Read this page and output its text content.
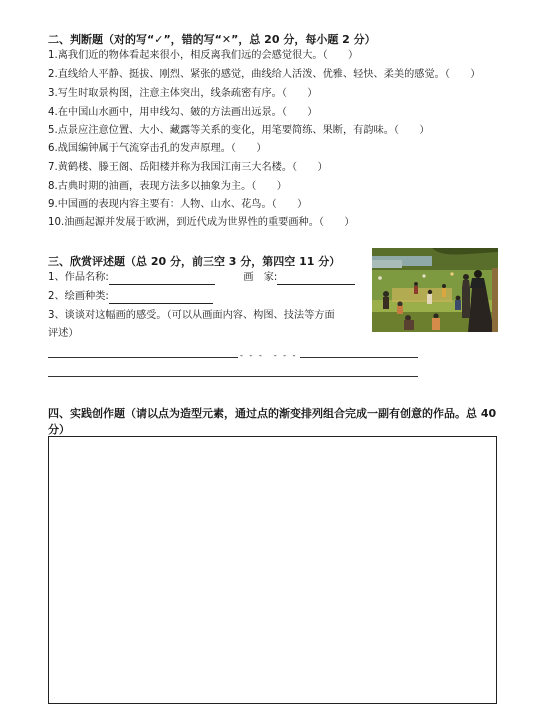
二、判断题（对的写“✓”，错的写“✕”，总 20 分，每小题 2 分）
1.离我们近的物体看起来很小，相反离我们远的会感觉很大。（　　）
2.直线给人平静、挺拔、刚烈、紧张的感觉，曲线给人活泼、优雅、轻快、柔美的感觉。（　　）
3.写生时取景构图，注意主体突出，线条疏密有序。（　　）
4.在中国山水画中，用申线勾、皴的方法画出远景。（　　）
5.点景应注意位置、大小、藏露等关系的变化，用笔要简练、果断，有韵味。（　　）
6.战国编钟属于气流穿击孔的发声原理。（　　）
7.黄鹤楼、滕王阁、岳阳楼并称为我国江南三大名楼。（　　）
8.古典时期的油画，表现方法多以抽象为主。（　　）
9.中国画的表现内容主要有：人物、山水、花鸟。（　　）
10.油画起源并发展于欧洲，到近代成为世界性的重要画种。（　　）
三、欣赏评述题（总 20 分，前三空 3 分，第四空 11 分）
1、作品名称:	画　家:
2、绘画种类:
3、谈谈对这幅画的感受。（可以从画面内容、构图、技法等方面
评述）
- - -　- - -
四、实践创作题（请以点为造型元素，通过点的渐变排列组合完成一副有创意的作品。总 40
分）
